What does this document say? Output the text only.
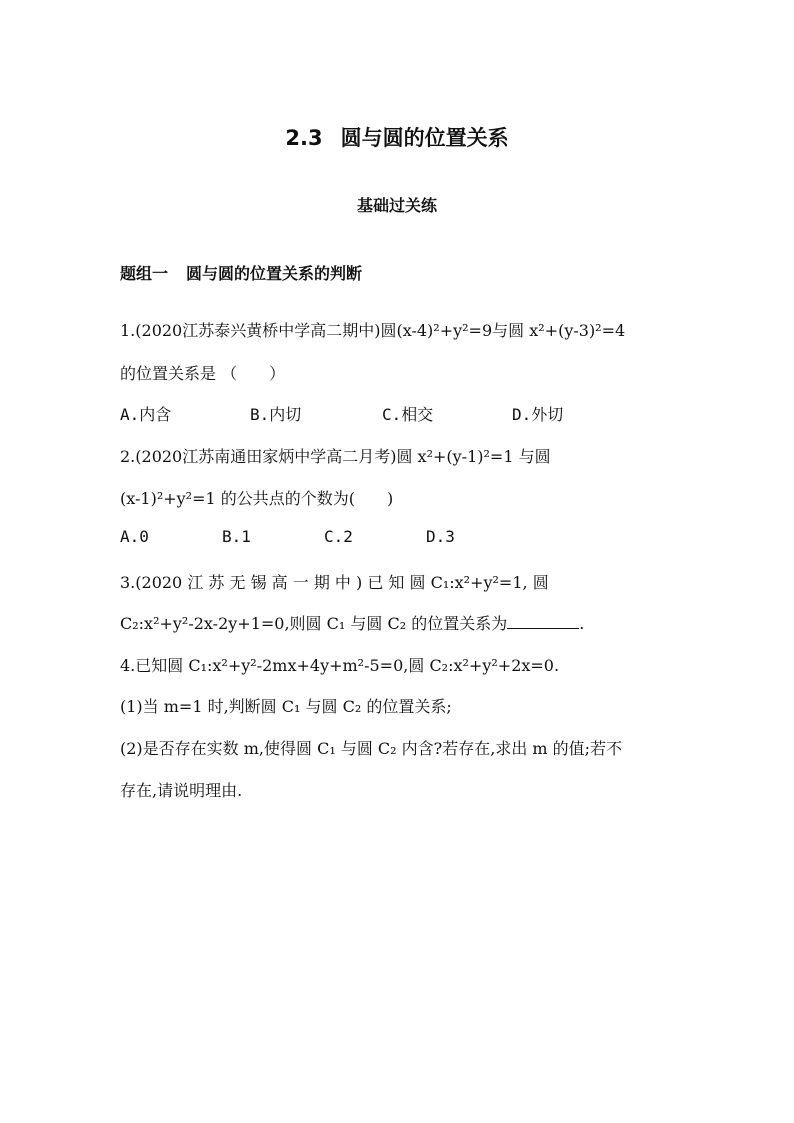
2.3 圆与圆的位置关系
基础过关练
题组一 圆与圆的位置关系的判断
1.(2020江苏泰兴黄桥中学高二期中)圆(x-4)²+y²=9与圆 x²+(y-3)²=4
的位置关系是 （　　）
A.内含	B.内切	C.相交	D.外切
2.(2020江苏南通田家炳中学高二月考)圆 x²+(y-1)²=1 与圆
(x-1)²+y²=1 的公共点的个数为(　　)
A.0	B.1	C.2	D.3
3.(2020 江 苏 无 锡 高 一 期 中 ) 已 知 圆 C₁:x²+y²=1, 圆
C₂:x²+y²-2x-2y+1=0,则圆 C₁ 与圆 C₂ 的位置关系为	.
4.已知圆 C₁:x²+y²-2mx+4y+m²-5=0,圆 C₂:x²+y²+2x=0.
(1)当 m=1 时,判断圆 C₁ 与圆 C₂ 的位置关系;
(2)是否存在实数 m,使得圆 C₁ 与圆 C₂ 内含?若存在,求出 m 的值;若不
存在,请说明理由.
